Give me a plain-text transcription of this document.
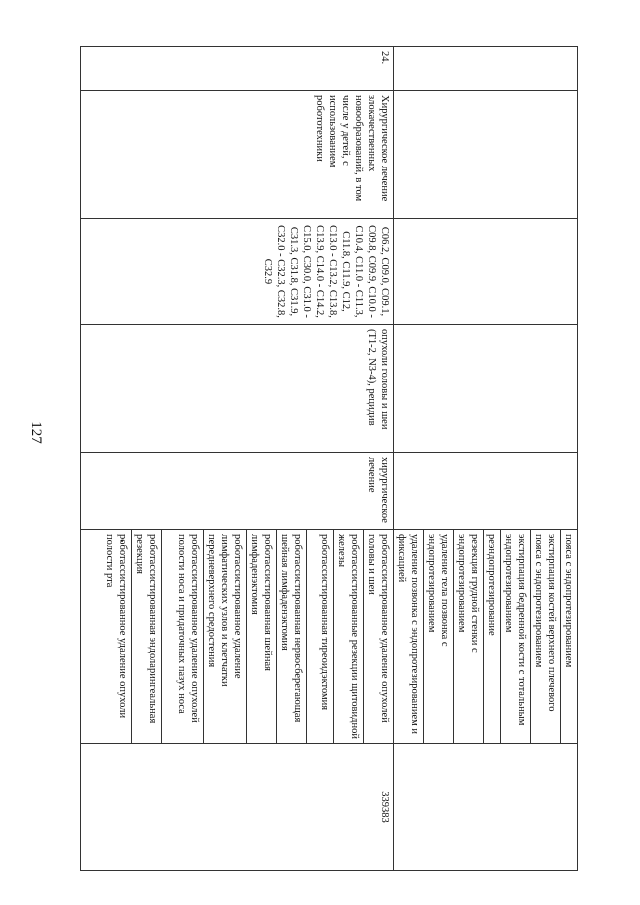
127
					пояса с эндопротезированием	
					экстирпация костей верхнего плечевого пояса с эндопротезированием	
					экстирпация бедренной кости с тотальным эндопротезированием	
					реэндопротезирование	
					резекция грудной стенки с эндопротезированием	
					удаление тела позвонка с эндопротезированием	
					удаление позвонка с эндопротезированием и фиксацией	
24.	Хирургическое лечение злокачественных новообразований, в том числе у детей, с использованием робототехники	C06.2, C09.0, C09.1, C09.8, C09.9, C10.0 - C10.4, C11.0 - C11.3, C11.8, C11.9, C12, C13.0 - C13.2, C13.8, C13.9, C14.0 - C14.2, C15.0, C30.0, C31.0 - C31.3, C31.8, C31.9, C32.0 - C32.3, C32.8, C32.9	опухоли головы и шеи (T1-2, N3-4), рецидив	хирургическое лечение	роботассистированное удаление опухолей головы и шеи	339383
					роботассистированные резекции щитовидной железы	
					роботассистированная тиреоидэктомия	
					роботассистированная нервосберегающая шейная лимфаденэктомия	
					роботассистированная шейная лимфаденэктомия	
					роботассистированное удаление лимфатических узлов и клетчатки передневерхнего средостения	
					роботассистированное удаление опухолей полости носа и придаточных пазух носа	
					роботассистированная эндоларингеальная резекция	
					роботассистированное удаление опухоли полости рта	
